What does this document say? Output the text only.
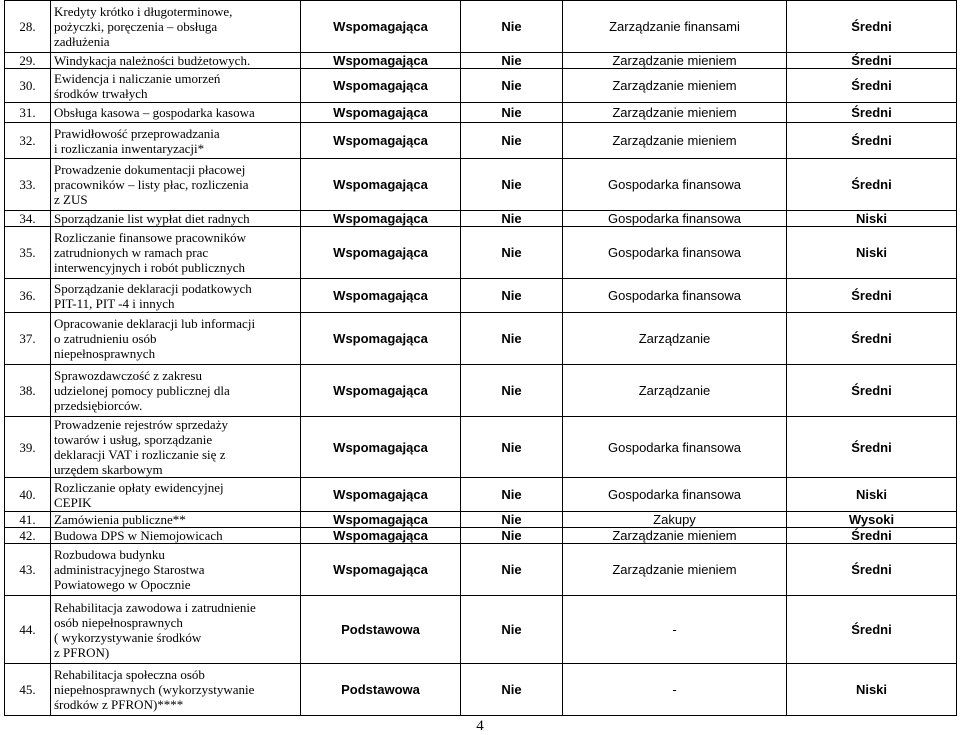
28.	Kredyty krótko i długoterminowe,
pożyczki, poręczenia – obsługa
zadłużenia	Wspomagająca	Nie	Zarządzanie finansami	Średni
29.	Windykacja należności budżetowych.	Wspomagająca	Nie	Zarządzanie mieniem	Średni
30.	Ewidencja i naliczanie umorzeń
środków trwałych	Wspomagająca	Nie	Zarządzanie mieniem	Średni
31.	Obsługa kasowa – gospodarka kasowa	Wspomagająca	Nie	Zarządzanie mieniem	Średni
32.	Prawidłowość przeprowadzania
i rozliczania inwentaryzacji*	Wspomagająca	Nie	Zarządzanie mieniem	Średni
33.	Prowadzenie dokumentacji płacowej
pracowników – listy płac, rozliczenia
z ZUS	Wspomagająca	Nie	Gospodarka finansowa	Średni
34.	Sporządzanie list wypłat diet radnych	Wspomagająca	Nie	Gospodarka finansowa	Niski
35.	Rozliczanie finansowe pracowników
zatrudnionych w ramach prac
interwencyjnych i robót publicznych	Wspomagająca	Nie	Gospodarka finansowa	Niski
36.	Sporządzanie deklaracji podatkowych
PIT-11, PIT -4 i innych	Wspomagająca	Nie	Gospodarka finansowa	Średni
37.	Opracowanie deklaracji lub informacji
o zatrudnieniu osób
niepełnosprawnych	Wspomagająca	Nie	Zarządzanie	Średni
38.	Sprawozdawczość z zakresu
udzielonej pomocy publicznej dla
przedsiębiorców.	Wspomagająca	Nie	Zarządzanie	Średni
39.	Prowadzenie rejestrów sprzedaży
towarów i usług, sporządzanie
deklaracji VAT i rozliczanie się z
urzędem skarbowym	Wspomagająca	Nie	Gospodarka finansowa	Średni
40.	Rozliczanie opłaty ewidencyjnej
CEPIK	Wspomagająca	Nie	Gospodarka finansowa	Niski
41.	Zamówienia publiczne**	Wspomagająca	Nie	Zakupy	Wysoki
42.	Budowa DPS w Niemojowicach	Wspomagająca	Nie	Zarządzanie mieniem	Średni
43.	Rozbudowa budynku
administracyjnego Starostwa
Powiatowego w Opocznie	Wspomagająca	Nie	Zarządzanie mieniem	Średni
44.	Rehabilitacja zawodowa i zatrudnienie
osób niepełnosprawnych
( wykorzystywanie środków
z PFRON)	Podstawowa	Nie	-	Średni
45.	Rehabilitacja społeczna osób
niepełnosprawnych (wykorzystywanie
środków z PFRON)****	Podstawowa	Nie	-	Niski
4
